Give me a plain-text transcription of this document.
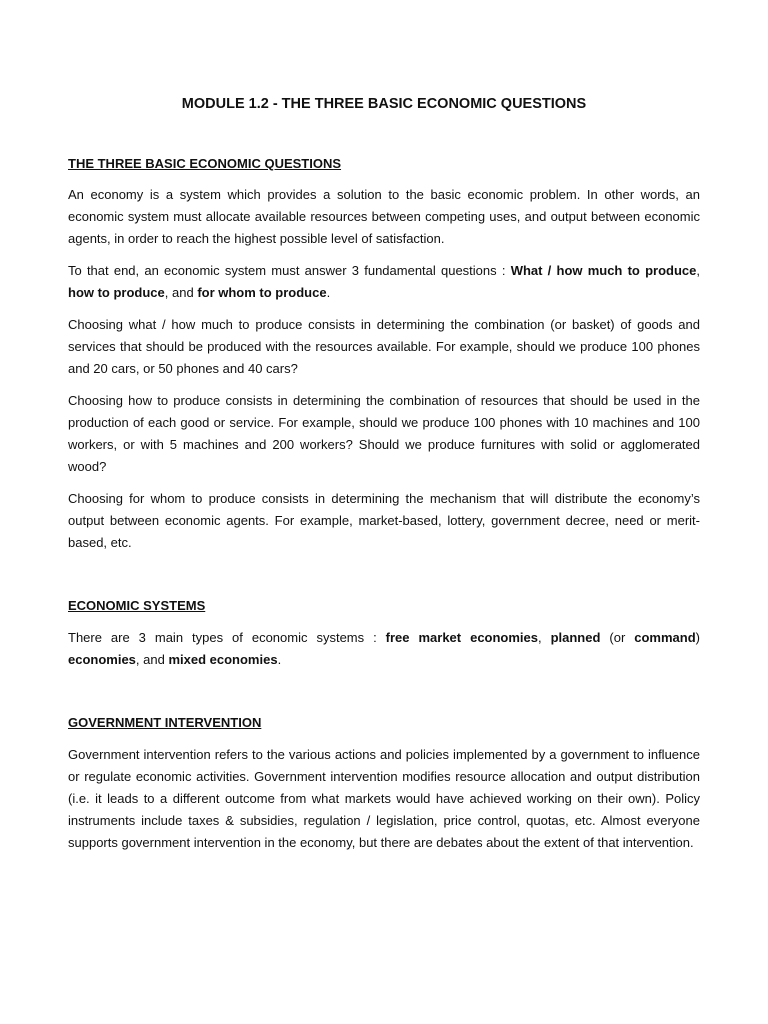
MODULE 1.2 - THE THREE BASIC ECONOMIC QUESTIONS
THE THREE BASIC ECONOMIC QUESTIONS

An economy is a system which provides a solution to the basic economic problem. In other words, an economic system must allocate available resources between competing uses, and output between economic agents, in order to reach the highest possible level of satisfaction.

To that end, an economic system must answer 3 fundamental questions : What / how much to produce, how to produce, and for whom to produce.

Choosing what / how much to produce consists in determining the combination (or basket) of goods and services that should be produced with the resources available. For example, should we produce 100 phones and 20 cars, or 50 phones and 40 cars?

Choosing how to produce consists in determining the combination of resources that should be used in the production of each good or service. For example, should we produce 100 phones with 10 machines and 100 workers, or with 5 machines and 200 workers? Should we produce furnitures with solid or agglomerated wood?

Choosing for whom to produce consists in determining the mechanism that will distribute the economy’s output between economic agents. For example, market-based, lottery, government decree, need or merit-based, etc.

ECONOMIC SYSTEMS

There are 3 main types of economic systems : free market economies, planned (or command) economies, and mixed economies.

GOVERNMENT INTERVENTION

Government intervention refers to the various actions and policies implemented by a government to influence or regulate economic activities. Government intervention modifies resource allocation and output distribution (i.e. it leads to a different outcome from what markets would have achieved working on their own). Policy instruments include taxes & subsidies, regulation / legislation, price control, quotas, etc. Almost everyone supports government intervention in the economy, but there are debates about the extent of that intervention.
